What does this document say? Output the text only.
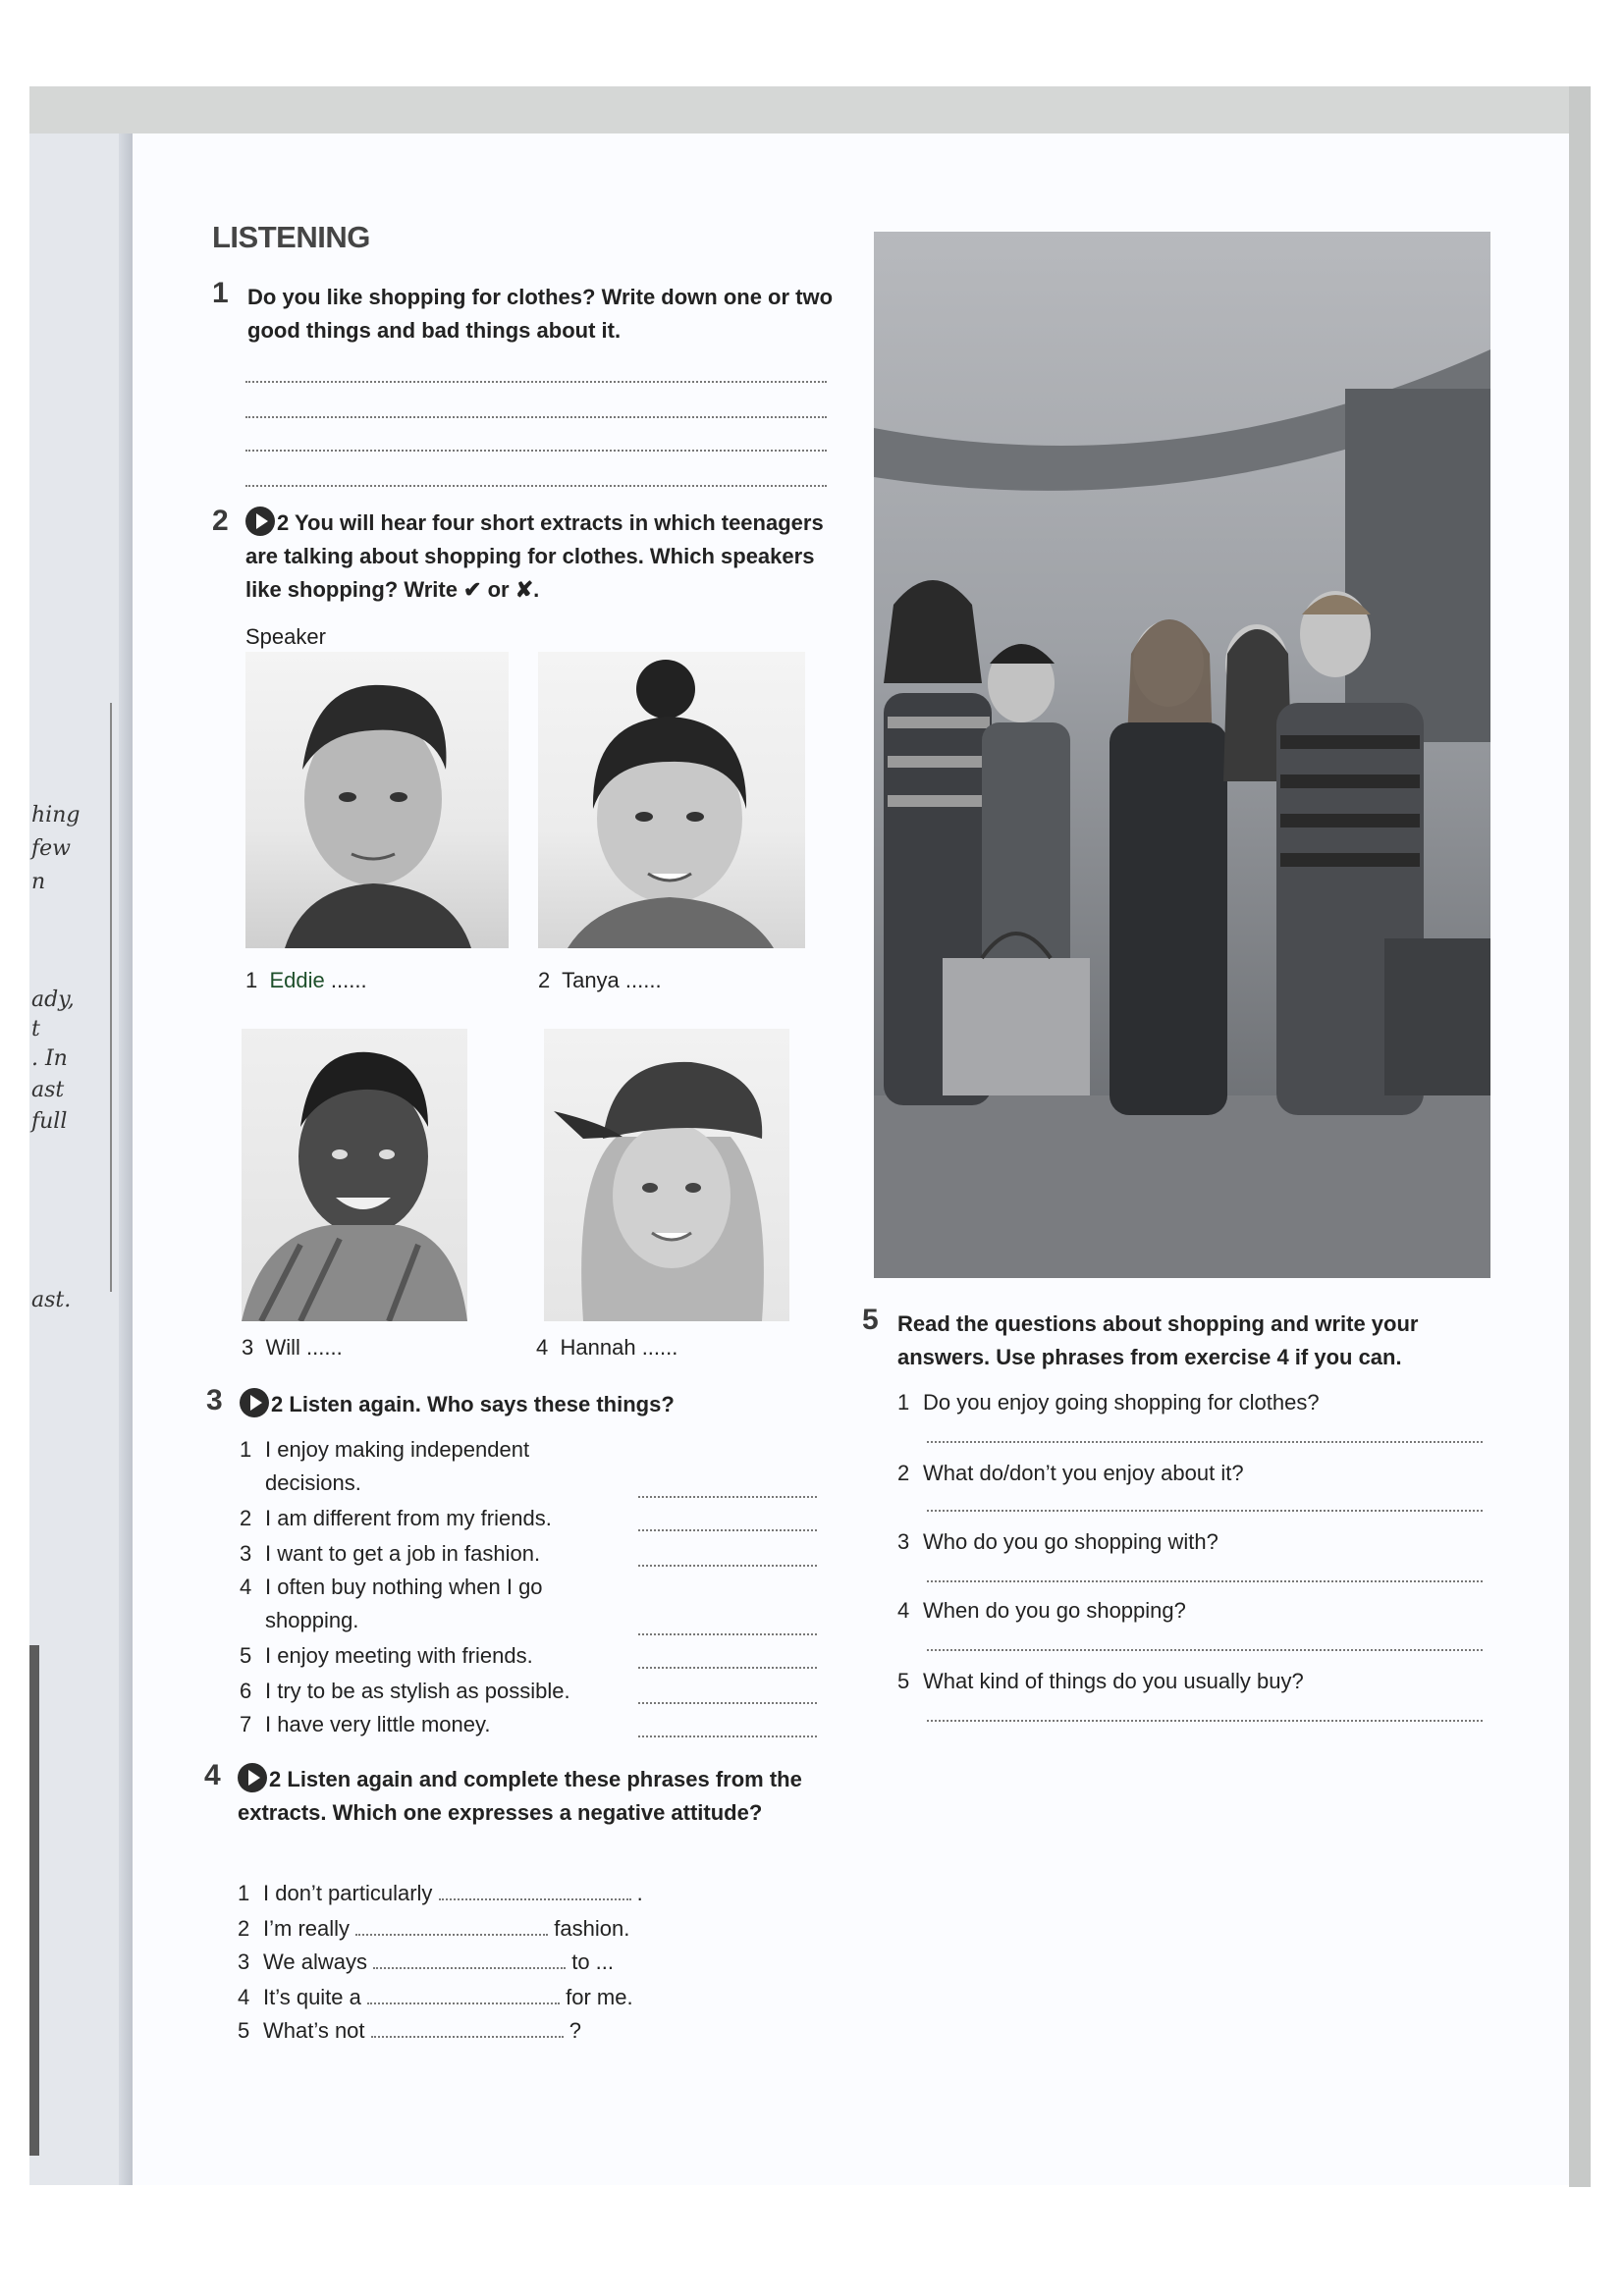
hing
few
n
ady,
t
. In
ast
full
ast.
LISTENING
1 Do you like shopping for clothes? Write down one or two good things and bad things about it.
2	2 You will hear four short extracts in which teenagers are talking about shopping for clothes. Which speakers like shopping? Write ✔ or ✘.
Speaker
1 Eddie ......	2 Tanya ......
3 Will ......	4 Hannah ......
3	2 Listen again. Who says these things?
1 I enjoy making independent
decisions.
2 I am different from my friends.
3 I want to get a job in fashion.
4 I often buy nothing when I go
shopping.
5 I enjoy meeting with friends.
6 I try to be as stylish as possible.
7 I have very little money.
4	2 Listen again and complete these phrases from the extracts. Which one expresses a negative attitude?
1 I don’t particularly	.
2 I’m really	fashion.
3 We always	to ...
4 It’s quite a	for me.
5 What’s not	?
5 Read the questions about shopping and write your answers. Use phrases from exercise 4 if you can.
1 Do you enjoy going shopping for clothes?
2 What do/don’t you enjoy about it?
3 Who do you go shopping with?
4 When do you go shopping?
5 What kind of things do you usually buy?
